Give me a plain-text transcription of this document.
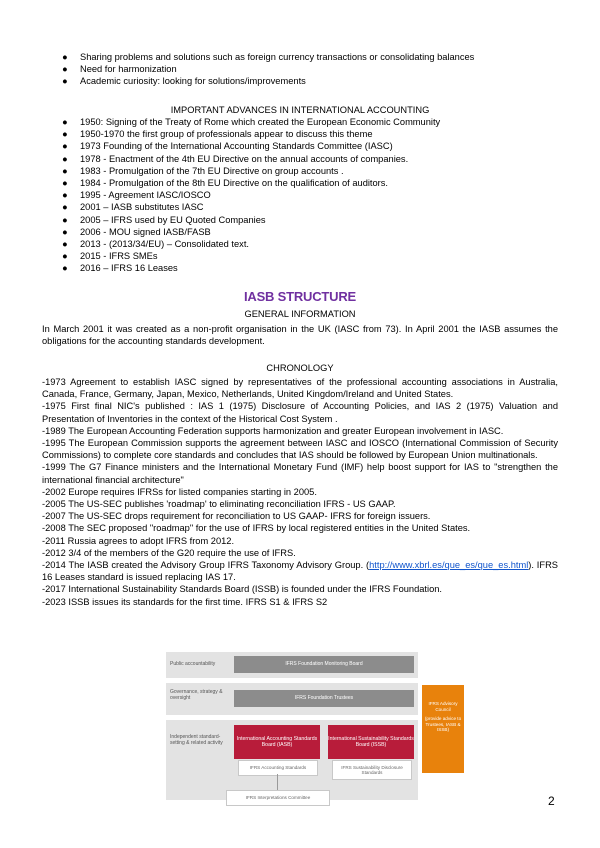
● Sharing problems and solutions such as foreign currency transactions or consolidating balances
● Need for harmonization
● Academic curiosity: looking for solutions/improvements
IMPORTANT ADVANCES IN INTERNATIONAL ACCOUNTING
● 1950: Signing of the Treaty of Rome which created the European Economic Community
● 1950-1970 the first group of professionals appear to discuss this theme
● 1973 Founding of the International Accounting Standards Committee (IASC)
● 1978 - Enactment of the 4th EU Directive on the annual accounts of companies.
● 1983 - Promulgation of the 7th EU Directive on group accounts .
● 1984 - Promulgation of the 8th EU Directive on the qualification of auditors.
● 1995 - Agreement IASC/IOSCO
● 2001 – IASB substitutes IASC
● 2005 – IFRS used by EU Quoted Companies
● 2006 - MOU signed IASB/FASB
● 2013 - (2013/34/EU) – Consolidated text.
● 2015 - IFRS SMEs
● 2016 – IFRS 16 Leases
IASB STRUCTURE
GENERAL INFORMATION

In March 2001 it was created as a non-profit organisation in the UK (IASC from 73). In April 2001 the IASB assumes the obligations for the accounting standards development.

CHRONOLOGY

-1973 Agreement to establish IASC signed by representatives of the professional accounting associations in Australia, Canada, France, Germany, Japan, Mexico, Netherlands, United Kingdom/Ireland and United States.

-1975 First final NIC's published : IAS 1 (1975) Disclosure of Accounting Policies, and IAS 2 (1975) Valuation and Presentation of Inventories in the context of the Historical Cost System .

-1989 The European Accounting Federation supports harmonization and greater European involvement in IASC.

-1995 The European Commission supports the agreement between IASC and IOSCO (International Commission of Security Commissions) to complete core standards and concludes that IAS should be followed by European Union multinationals.

-1999 The G7 Finance ministers and the International Monetary Fund (IMF) help boost support for IAS to "strengthen the international financial architecture"

-2002 Europe requires IFRSs for listed companies starting in 2005.

-2005 The US-SEC publishes 'roadmap' to eliminating reconciliation IFRS - US GAAP.

-2007 The US-SEC drops requirement for reconciliation to US GAAP- IFRS for foreign issuers.

-2008 The SEC proposed "roadmap" for the use of IFRS by local registered entities in the United States.

-2011 Russia agrees to adopt IFRS from 2012.

-2012 3/4 of the members of the G20 require the use of IFRS.

-2014 The IASB created the Advisory Group IFRS Taxonomy Advisory Group. (http://www.xbrl.es/que_es/que_es.html). IFRS 16 Leases standard is issued replacing IAS 17.

-2017 International Sustainability Standards Board (ISSB) is founded under the IFRS Foundation.

-2023 ISSB issues its standards for the first time. IFRS S1 & IFRS S2

Public accountability	IFRS Foundation Monitoring Board
Governance, strategy & oversight	IFRS Foundation Trustees
Independent standard-setting & related activity
International Accounting Standards Board (IASB)
International Sustainability Standards Board (ISSB)
IFRS Accounting Standards	IFRS Sustainability Disclosure Standards
IFRS Interpretations Committee
IFRS Advisory Council
(provide advice to Trustees, IASB & ISSB)
2
